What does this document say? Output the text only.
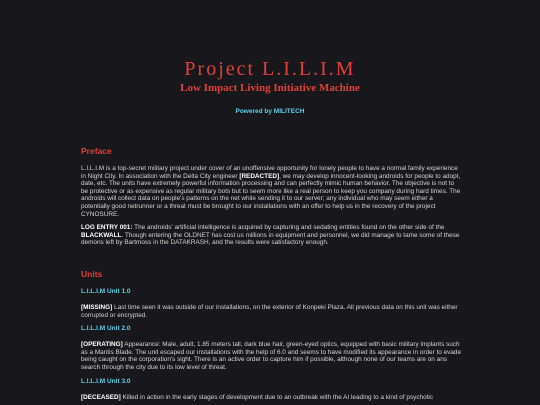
Project L.I.L.I.M
Low Impact Living Initiative Machine
Powered by MILITECH
Preface

L.I.L.I.M is a top-secret military project under cover of an unoffensive opportunity for lonely people to have a normal family experience in Night City. In association with the Delta City engineer [REDACTED], we may develop innocent-looking androids for people to adopt, date, etc. The units have extremely powerful information processing and can perfectly mimic human behavior. The objective is not to be protective or as expensive as regular military bots but to seem more like a real person to keep you company during hard times. The androids will collect data on people's patterns on the net while sending it to our server; any individual who may seem either a potentially good netrunner or a threat must be brought to our installations with an offer to help us in the recovery of the project CYNOSURE.

LOG ENTRY 001: The androids' artificial intelligence is acquired by capturing and sedating entities found on the other side of the BLACKWALL. Though entering the OLDNET has cost us millions in equipment and personnel, we did manage to tame some of these demons left by Bartmoss in the DATAKRASH, and the results were satisfactory enough.

Units
L.I.L.I.M Unit 1.0

[MISSING] Last time seen it was outside of our installations, on the exterior of Konpeki Plaza. All previous data on this unit was either corrupted or encrypted.

L.I.L.I.M Unit 2.0

[OPERATING] Appearance: Male, adult, 1.85 meters tall, dark blue hair, green-eyed optics, equipped with basic military implants such as a Mantis Blade. The unit escaped our installations with the help of 6.0 and seems to have modified its appearance in order to evade being caught on the corporation's sight. There is an active order to capture him if possible, although none of our teams are on ans search through the city due to its low level of threat.

L.I.L.I.M Unit 3.0

[DECEASED] Killed in action in the early stages of development due to an outbreak with the AI leading to a kind of psychotic
